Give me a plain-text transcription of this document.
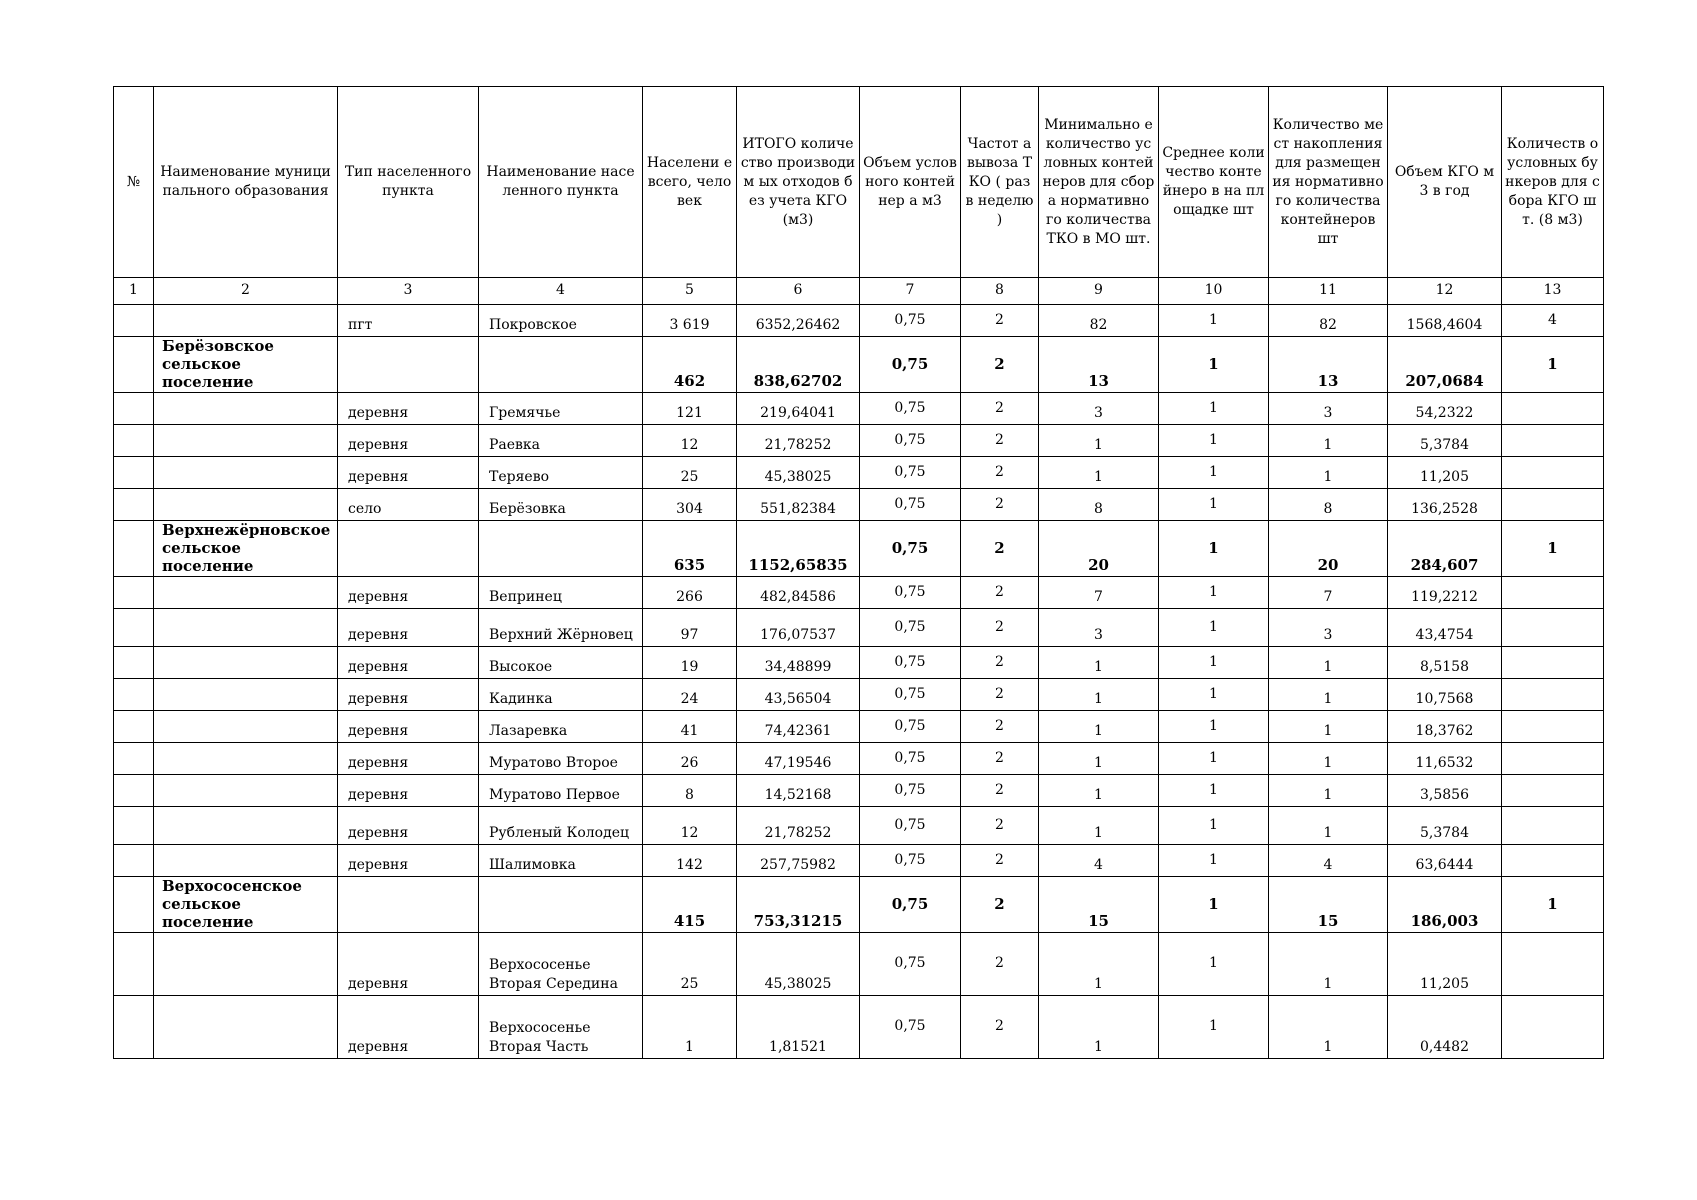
№	Наименование муниципального образования	Тип населенного пункта	Наименование населенного пункта	Населени е всего, человек	ИТОГО количество производим ых отходов без учета КГО (м3)	Объем условного контейнер а м3	Частот а вывоза ТКО ( раз в неделю )	Минимально е количество условных контейнеров для сбора нормативно го количества ТКО в МО шт.	Среднее количество контейнеро в на площадке шт	Количество мест накопления для размещения нормативно го количества контейнеров шт	Объем КГО м3 в год	Количеств о условных бункеров для сбора КГО шт. (8 м3)
1	2	3	4	5	6	7	8	9	10	11	12	13
		пгт	Покровское	3 619	6352,26462	0,75	2	82	1	82	1568,4604	4
	Берёзовское сельское поселение			462	838,62702	0,75	2	13	1	13	207,0684	1
		деревня	Гремячье	121	219,64041	0,75	2	3	1	3	54,2322	
		деревня	Раевка	12	21,78252	0,75	2	1	1	1	5,3784	
		деревня	Теряево	25	45,38025	0,75	2	1	1	1	11,205	
		село	Берёзовка	304	551,82384	0,75	2	8	1	8	136,2528	
	Верхнежёрновское сельское поселение			635	1152,65835	0,75	2	20	1	20	284,607	1
		деревня	Вепринец	266	482,84586	0,75	2	7	1	7	119,2212	
		деревня	Верхний Жёрновец	97	176,07537	0,75	2	3	1	3	43,4754	
		деревня	Высокое	19	34,48899	0,75	2	1	1	1	8,5158	
		деревня	Кадинка	24	43,56504	0,75	2	1	1	1	10,7568	
		деревня	Лазаревка	41	74,42361	0,75	2	1	1	1	18,3762	
		деревня	Муратово Второе	26	47,19546	0,75	2	1	1	1	11,6532	
		деревня	Муратово Первое	8	14,52168	0,75	2	1	1	1	3,5856	
		деревня	Рубленый Колодец	12	21,78252	0,75	2	1	1	1	5,3784	
		деревня	Шалимовка	142	257,75982	0,75	2	4	1	4	63,6444	
	Верхососенское сельское поселение			415	753,31215	0,75	2	15	1	15	186,003	1
		деревня	Верхососенье Вторая Середина	25	45,38025	0,75	2	1	1	1	11,205	
		деревня	Верхососенье Вторая Часть	1	1,81521	0,75	2	1	1	1	0,4482	
